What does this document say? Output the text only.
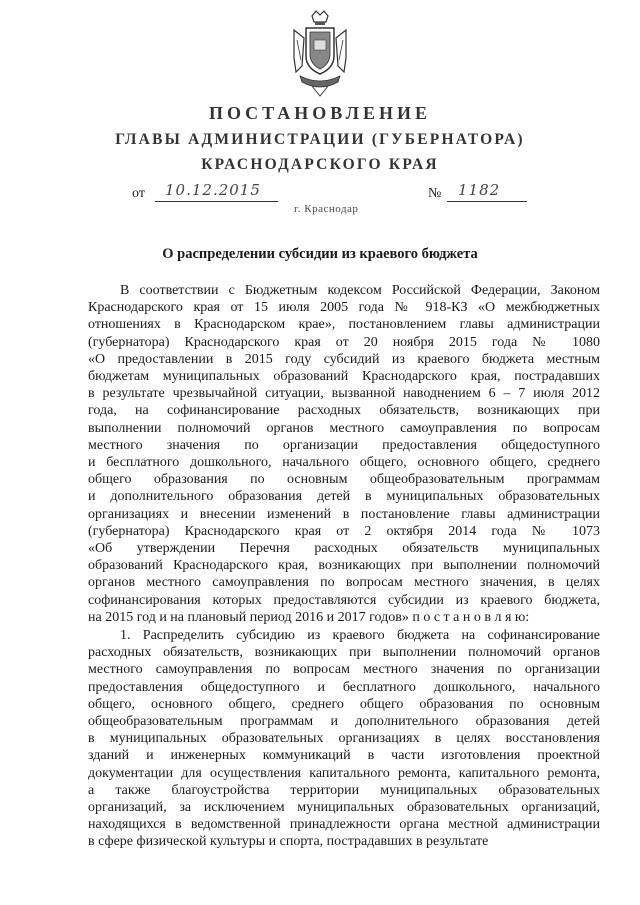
ПОСТАНОВЛЕНИЕ
ГЛАВЫ АДМИНИСТРАЦИИ (ГУБЕРНАТОРА)
КРАСНОДАРСКОГО КРАЯ
от 10.12.2015	№ 1182
г. Краснодар
О распределении субсидии из краевого бюджета
В соответствии с Бюджетным кодексом Российской Федерации, Законом
Краснодарского края от 15 июля 2005 года № 918-КЗ «О межбюджетных
отношениях в Краснодарском крае», постановлением главы администрации
(губернатора) Краснодарского края от 20 ноября 2015 года № 1080
«О предоставлении в 2015 году субсидий из краевого бюджета местным
бюджетам муниципальных образований Краснодарского края, пострадавших
в результате чрезвычайной ситуации, вызванной наводнением 6 – 7 июля 2012
года, на софинансирование расходных обязательств, возникающих при
выполнении полномочий органов местного самоуправления по вопросам
местного значения по организации предоставления общедоступного
и бесплатного дошкольного, начального общего, основного общего, среднего
общего образования по основным общеобразовательным программам
и дополнительного образования детей в муниципальных образовательных
организациях и внесении изменений в постановление главы администрации
(губернатора) Краснодарского края от 2 октября 2014 года № 1073
«Об утверждении Перечня расходных обязательств муниципальных
образований Краснодарского края, возникающих при выполнении полномочий
органов местного самоуправления по вопросам местного значения, в целях
софинансирования которых предоставляются субсидии из краевого бюджета,
на 2015 год и на плановый период 2016 и 2017 годов» п о с т а н о в л я ю:
1. Распределить субсидию из краевого бюджета на софинансирование
расходных обязательств, возникающих при выполнении полномочий органов
местного самоуправления по вопросам местного значения по организации
предоставления общедоступного и бесплатного дошкольного, начального
общего, основного общего, среднего общего образования по основным
общеобразовательным программам и дополнительного образования детей
в муниципальных образовательных организациях в целях восстановления
зданий и инженерных коммуникаций в части изготовления проектной
документации для осуществления капитального ремонта, капитального ремонта,
а также благоустройства территории муниципальных образовательных
организаций, за исключением муниципальных образовательных организаций,
находящихся в ведомственной принадлежности органа местной администрации
в сфере физической культуры и спорта, пострадавших в результате
